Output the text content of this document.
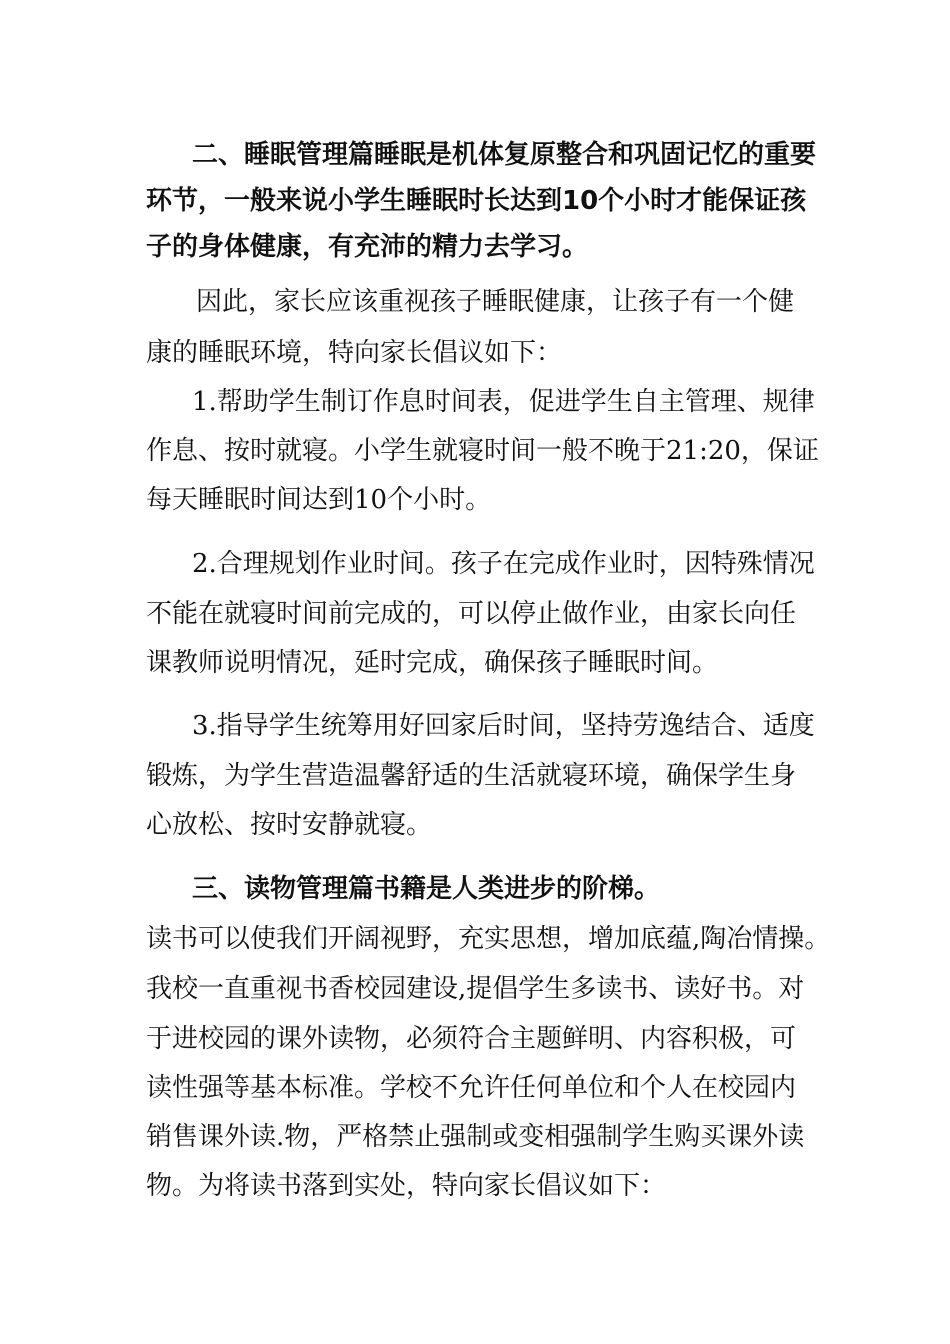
二、睡眠管理篇睡眠是机体复原整合和巩固记忆的重要
环节，一般来说小学生睡眠时长达到10个小时才能保证孩
子的身体健康，有充沛的精力去学习。
因此，家长应该重视孩子睡眠健康，让孩子有一个健
康的睡眠环境，特向家长倡议如下：
1.帮助学生制订作息时间表，促进学生自主管理、规律
作息、按时就寝。小学生就寝时间一般不晚于21:20，保证
每天睡眠时间达到10个小时。
2.合理规划作业时间。孩子在完成作业时，因特殊情况
不能在就寝时间前完成的，可以停止做作业，由家长向任
课教师说明情况，延时完成，确保孩子睡眠时间。
3.指导学生统筹用好回家后时间，坚持劳逸结合、适度
锻炼，为学生营造温馨舒适的生活就寝环境，确保学生身
心放松、按时安静就寝。
三、读物管理篇书籍是人类进步的阶梯。
读书可以使我们开阔视野，充实思想，增加底蕴,陶冶情操。
我校一直重视书香校园建设,提倡学生多读书、读好书。对
于进校园的课外读物，必须符合主题鲜明、内容积极，可
读性强等基本标准。学校不允许任何单位和个人在校园内
销售课外读.物，严格禁止强制或变相强制学生购买课外读
物。为将读书落到实处，特向家长倡议如下：
